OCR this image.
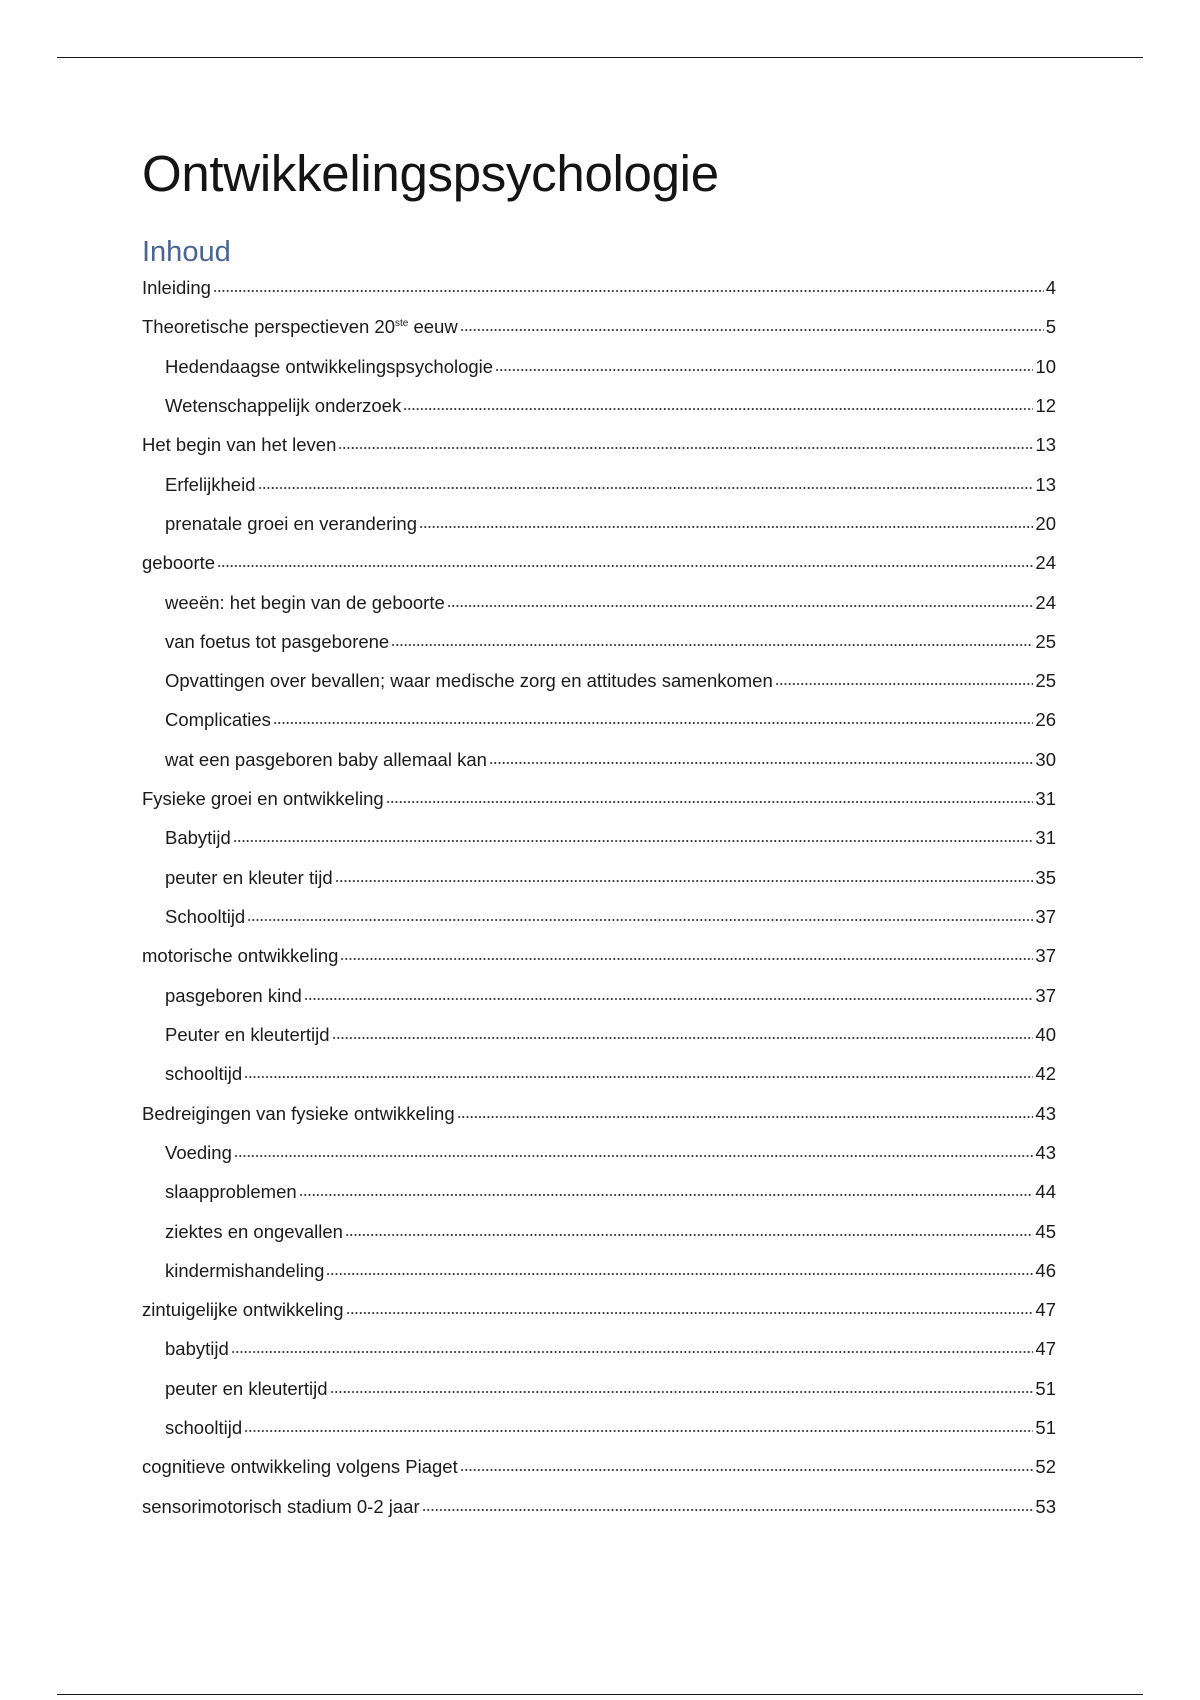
Ontwikkelingspsychologie
Inhoud
Inleiding	4
Theoretische perspectieven 20ste eeuw	5
Hedendaagse ontwikkelingspsychologie	10
Wetenschappelijk onderzoek	12
Het begin van het leven	13
Erfelijkheid	13
prenatale groei en verandering	20
geboorte	24
weeën: het begin van de geboorte	24
van foetus tot pasgeborene	25
Opvattingen over bevallen; waar medische zorg en attitudes samenkomen	25
Complicaties	26
wat een pasgeboren baby allemaal kan	30
Fysieke groei en ontwikkeling	31
Babytijd	31
peuter en kleuter tijd	35
Schooltijd	37
motorische ontwikkeling	37
pasgeboren kind	37
Peuter en kleutertijd	40
schooltijd	42
Bedreigingen van fysieke ontwikkeling	43
Voeding	43
slaapproblemen	44
ziektes en ongevallen	45
kindermishandeling	46
zintuigelijke ontwikkeling	47
babytijd	47
peuter en kleutertijd	51
schooltijd	51
cognitieve ontwikkeling volgens Piaget	52
sensorimotorisch stadium 0-2 jaar	53
